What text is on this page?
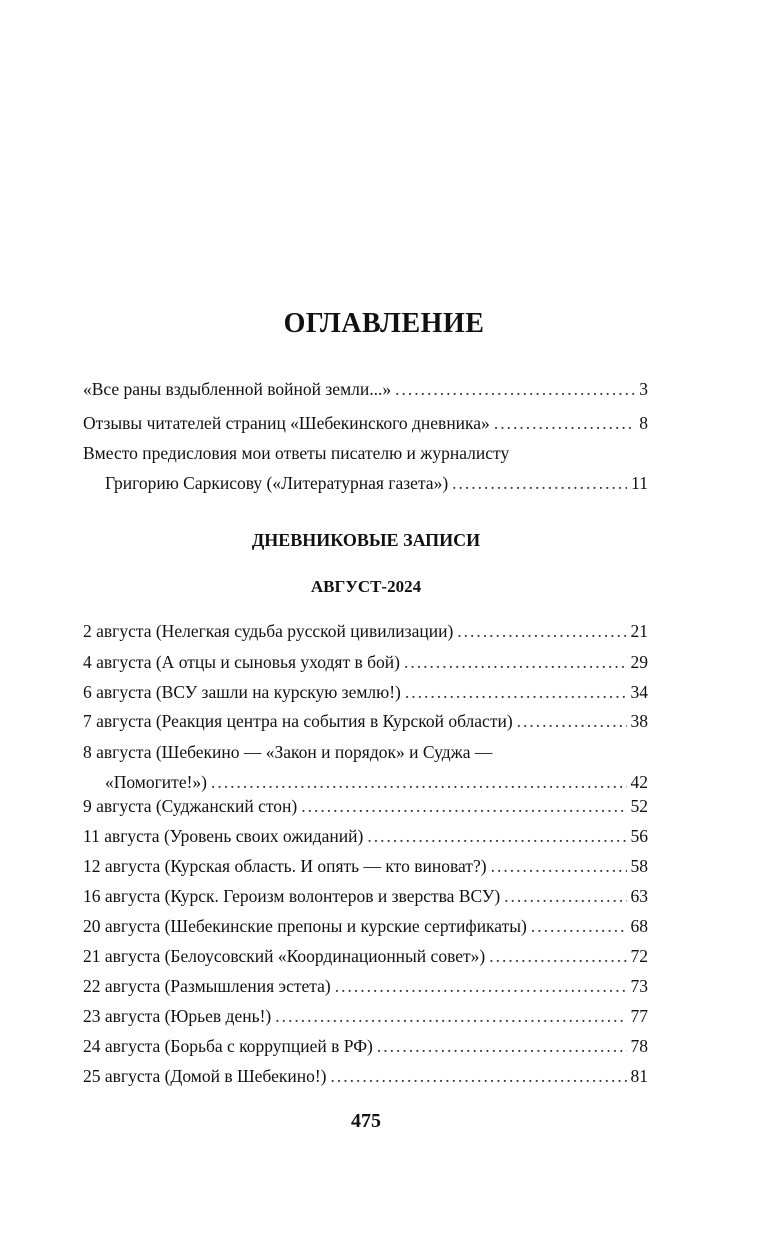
ОГЛАВЛЕНИЕ
«Все раны вздыбленной войной земли...» .....	3
Отзывы читателей страниц «Шебекинского дневника» .....	8
Вместо предисловия мои ответы писателю и журналисту
Григорию Саркисову («Литературная газета») .....	11
ДНЕВНИКОВЫЕ ЗАПИСИ
АВГУСТ-2024
2 августа (Нелегкая судьба русской цивилизации) .....	21
4 августа (А отцы и сыновья уходят в бой) .....	29
6 августа (ВСУ зашли на курскую землю!) .....	34
7 августа (Реакция центра на события в Курской области) .....	38
8 августа (Шебекино — «Закон и порядок» и Суджа —
«Помогите!») .....	42
9 августа (Суджанский стон) .....	52
11 августа (Уровень своих ожиданий) .....	56
12 августа (Курская область. И опять — кто виноват?) .....	58
16 августа (Курск. Героизм волонтеров и зверства ВСУ) .....	63
20 августа (Шебекинские препоны и курские сертификаты) .....	68
21 августа (Белоусовский «Координационный совет») .....	72
22 августа (Размышления эстета) .....	73
23 августа (Юрьев день!) .....	77
24 августа (Борьба с коррупцией в РФ) .....	78
25 августа (Домой в Шебекино!) .....	81
475
